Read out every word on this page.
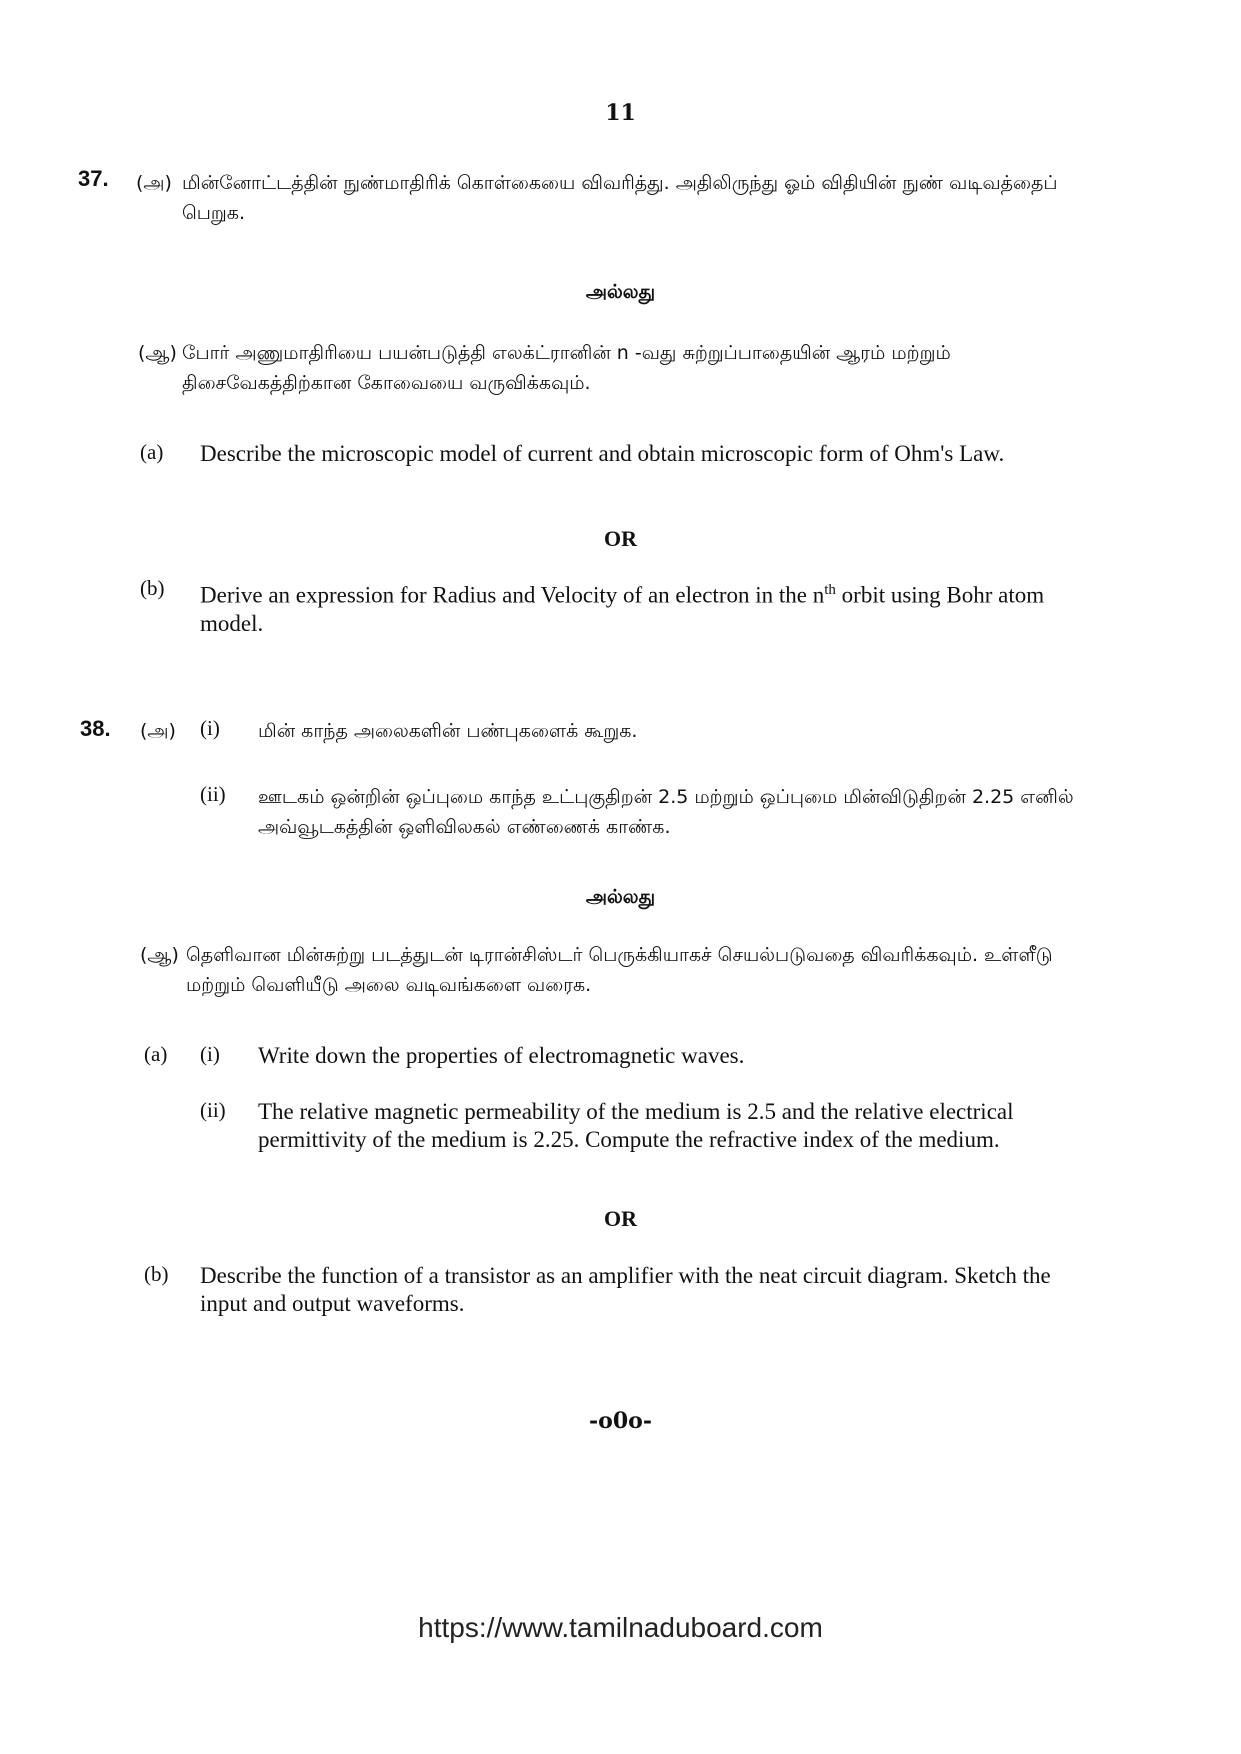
11
37. (அ) மின்னோட்டத்தின் நுண்மாதிரிக் கொள்கையை விவரித்து. அதிலிருந்து ஓம் விதியின் நுண் வடிவத்தைப் பெறுக.
அல்லது
(ஆ) போர் அணுமாதிரியை பயன்படுத்தி எலக்ட்ரானின் n -வது சுற்றுப்பாதையின் ஆரம் மற்றும் திசைவேகத்திற்கான கோவையை வருவிக்கவும்.
(a) Describe the microscopic model of current and obtain microscopic form of Ohm's Law.
OR
(b) Derive an expression for Radius and Velocity of an electron in the $n^{th}$ orbit using Bohr atom model.
38. (அ) (i) மின் காந்த அலைகளின் பண்புகளைக் கூறுக.
(ii) ஊடகம் ஒன்றின் ஒப்புமை காந்த உட்புகுதிறன் 2.5 மற்றும் ஒப்புமை மின்விடுதிறன் 2.25 எனில் அவ்வூடகத்தின் ஒளிவிலகல் எண்ணைக் காண்க.
அல்லது
(ஆ) தெளிவான மின்சுற்று படத்துடன் டிரான்சிஸ்டர் பெருக்கியாகச் செயல்படுவதை விவரிக்கவும். உள்ளீடு மற்றும் வெளியீடு அலை வடிவங்களை வரைக.
(a) (i) Write down the properties of electromagnetic waves.
(ii) The relative magnetic permeability of the medium is 2.5 and the relative electrical permittivity of the medium is 2.25. Compute the refractive index of the medium.
OR
(b) Describe the function of a transistor as an amplifier with the neat circuit diagram. Sketch the input and output waveforms.
-o0o-
https://www.tamilnaduboard.com
